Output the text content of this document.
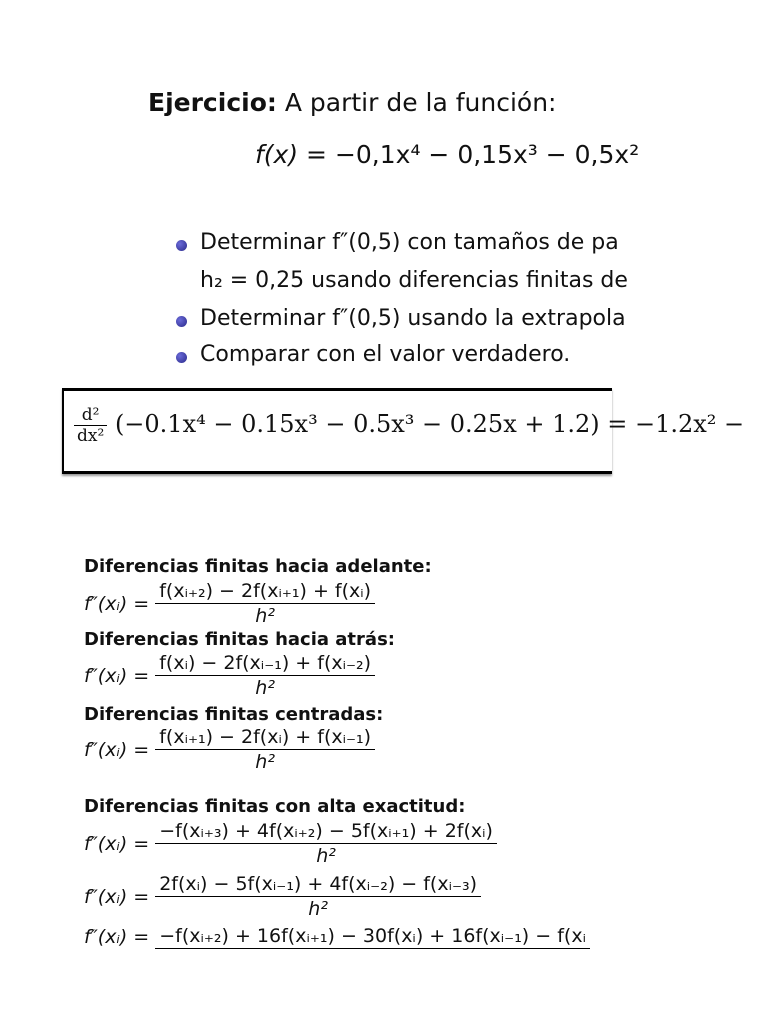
Ejercicio: A partir de la función:
f(x) = −0,1x⁴ − 0,15x³ − 0,5x²
Determinar f″(0,5) con tamaños de pa
h₂ = 0,25 usando diferencias finitas de
Determinar f″(0,5) usando la extrapola
Comparar con el valor verdadero.
$\frac{\text{d²}}{\text{dx²}} (-0.1x^4 - 0.15x^3 - 0.5x^3 - 0.25x + 1.2) = -1.2x^2$ −
Diferencias finitas hacia adelante:
f″(xᵢ) = $\frac{\text{f(xᵢ₊₂) − 2f(xᵢ₊₁) + f(xᵢ)}}{\text{h²}}$
Diferencias finitas hacia atrás:
f″(xᵢ) = $\frac{\text{f(xᵢ) − 2f(xᵢ₋₁) + f(xᵢ₋₂)}}{\text{h²}}$
Diferencias finitas centradas:
f″(xᵢ) = $\frac{\text{f(xᵢ₊₁) − 2f(xᵢ) + f(xᵢ₋₁)}}{\text{h²}}$
Diferencias finitas con alta exactitud:
f″(xᵢ) = $\frac{\text{−f(xᵢ₊₃) + 4f(xᵢ₊₂) − 5f(xᵢ₊₁) + 2f(xᵢ)}}{\text{h²}}$
f″(xᵢ) = $\frac{\text{2f(xᵢ) − 5f(xᵢ₋₁) + 4f(xᵢ₋₂) − f(xᵢ₋₃)}}{\text{h²}}$
f″(xᵢ) = −f(xᵢ₊₂) + 16f(xᵢ₊₁) − 30f(xᵢ) + 16f(xᵢ₋₁) − f(xᵢ
